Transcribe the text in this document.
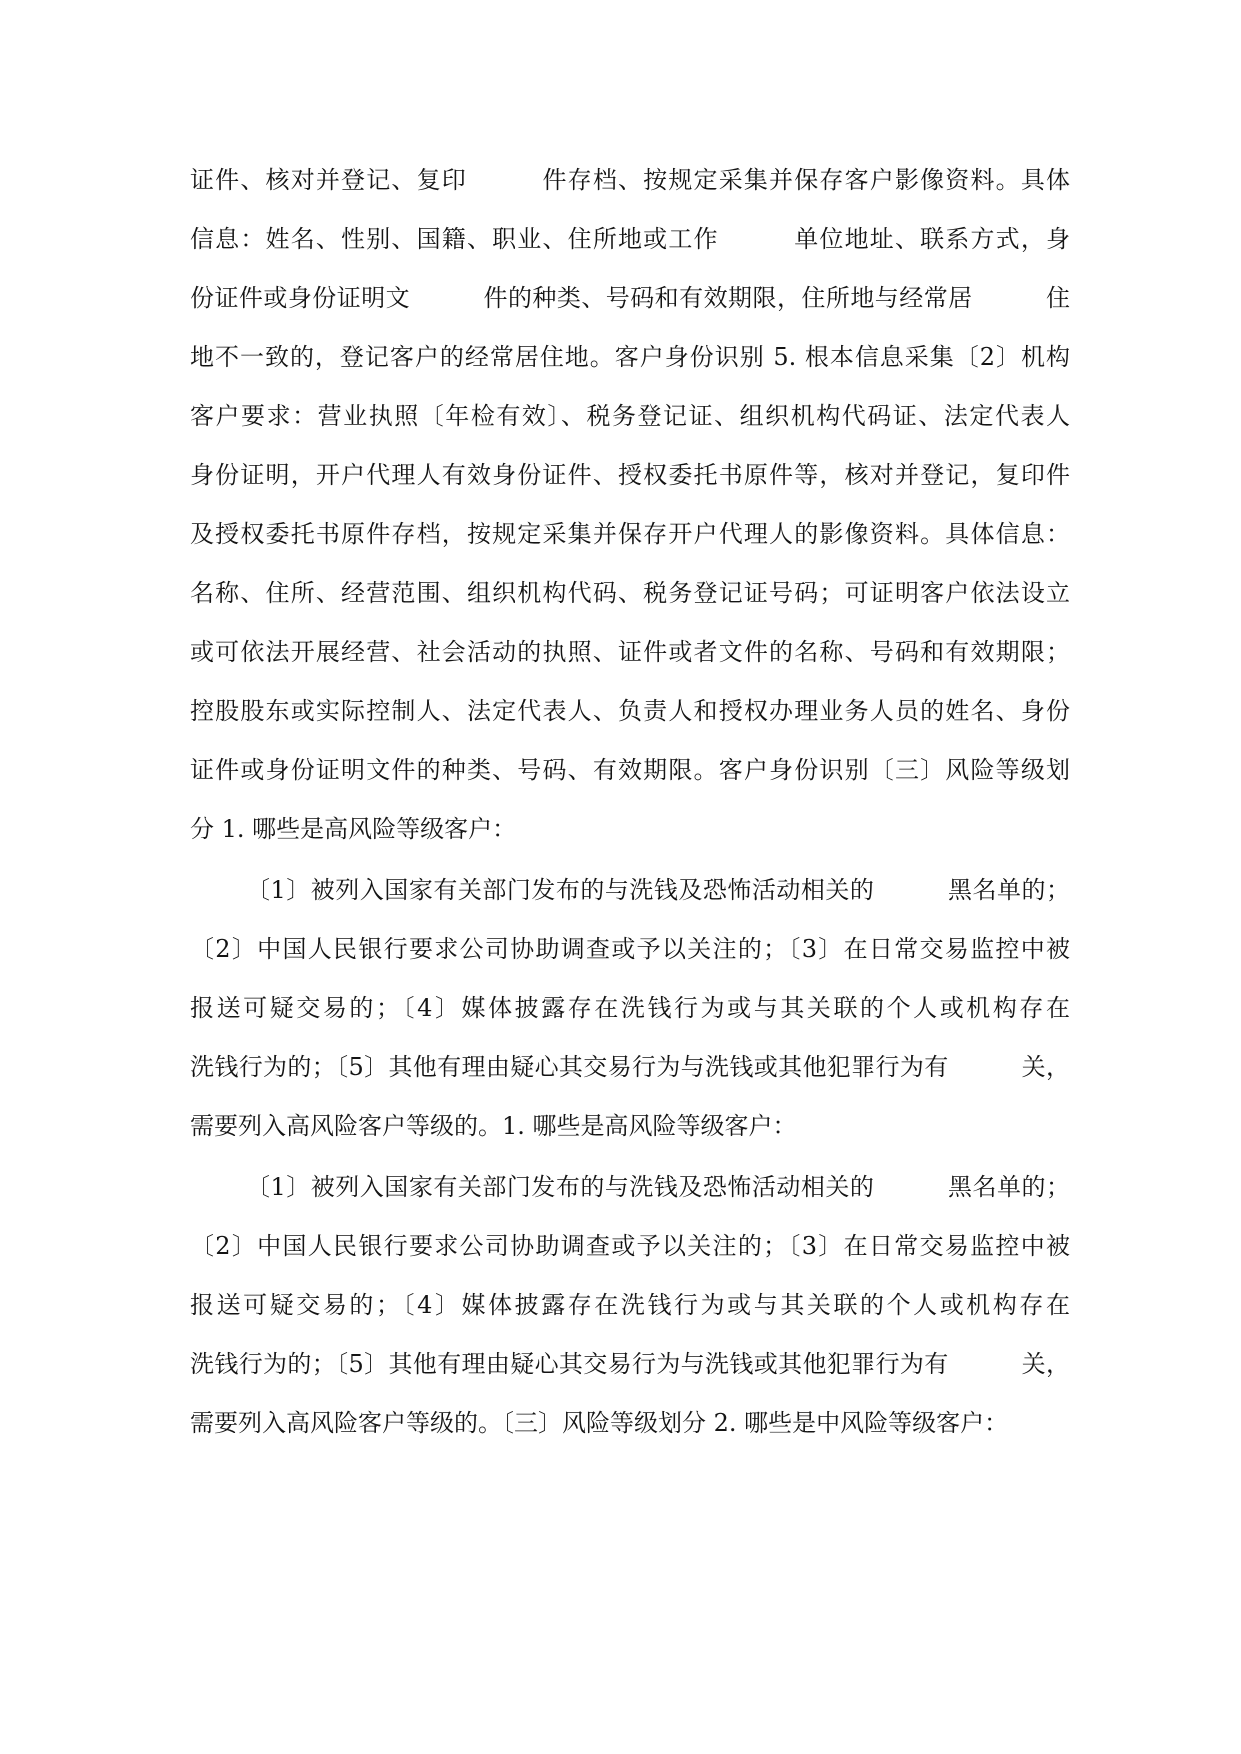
证件、核对并登记、复印　　　件存档、按规定采集并保存客户影像资料。具体
信息：姓名、性别、国籍、职业、住所地或工作　　　单位地址、联系方式，身
份证件或身份证明文　　　件的种类、号码和有效期限，住所地与经常居　　　住
地不一致的，登记客户的经常居住地。客户身份识别 5. 根本信息采集〔2〕机构
客户要求：营业执照〔年检有效〕、税务登记证、组织机构代码证、法定代表人
身份证明，开户代理人有效身份证件、授权委托书原件等，核对并登记，复印件
及授权委托书原件存档，按规定采集并保存开户代理人的影像资料。具体信息：
名称、住所、经营范围、组织机构代码、税务登记证号码；可证明客户依法设立
或可依法开展经营、社会活动的执照、证件或者文件的名称、号码和有效期限；
控股股东或实际控制人、法定代表人、负责人和授权办理业务人员的姓名、身份
证件或身份证明文件的种类、号码、有效期限。客户身份识别〔三〕风险等级划
分 1. 哪些是高风险等级客户：
〔1〕被列入国家有关部门发布的与洗钱及恐怖活动相关的　　　黑名单的；
〔2〕中国人民银行要求公司协助调查或予以关注的；〔3〕在日常交易监控中被
报送可疑交易的；〔4〕媒体披露存在洗钱行为或与其关联的个人或机构存在
洗钱行为的；〔5〕其他有理由疑心其交易行为与洗钱或其他犯罪行为有　　　关，
需要列入高风险客户等级的。1. 哪些是高风险等级客户：
〔1〕被列入国家有关部门发布的与洗钱及恐怖活动相关的　　　黑名单的；
〔2〕中国人民银行要求公司协助调查或予以关注的；〔3〕在日常交易监控中被
报送可疑交易的；〔4〕媒体披露存在洗钱行为或与其关联的个人或机构存在
洗钱行为的；〔5〕其他有理由疑心其交易行为与洗钱或其他犯罪行为有　　　关，
需要列入高风险客户等级的。〔三〕风险等级划分 2. 哪些是中风险等级客户：
